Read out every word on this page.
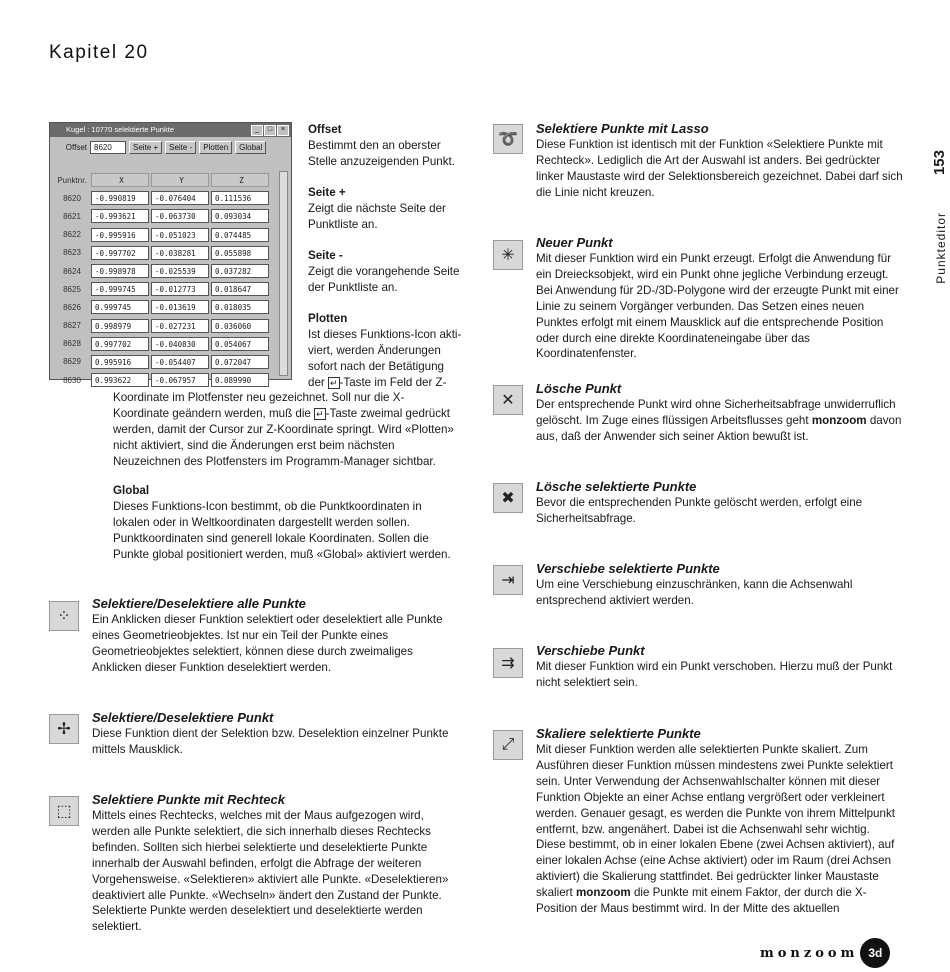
Kapitel 20
153
Punkteditor
Kugel : 10770 selektierte Punkte	_	□	×
Offset 8620	Seite +	Seite -	Plotten	Global
Punktnr.	X	Y	Z
8620	-0.990819	-0.076404	0.111536
8621	-0.993621	-0.063730	0.093034
8622	-0.995916	-0.051023	0.074485
8623	-0.997702	-0.038281	0.055898
8624	-0.998978	-0.025539	0.037282
8625	-0.999745	-0.012773	0.018647
8626	0.999745	-0.013619	0.018035
8627	0.998979	-0.027231	0.036060
8628	0.997702	-0.040830	0.054067
8629	0.995916	-0.054407	0.072047
8630	0.993622	-0.067957	0.089990
Offset
Bestimmt den an oberster Stelle anzuzeigenden Punkt.
Seite +
Zeigt die nächste Seite der Punktliste an.
Seite -
Zeigt die vorangehende Seite der Punktliste an.
Plotten
Ist dieses Funktions-Icon akti-
viert, werden Änderungen
sofort nach der Betätigung
der ↵ -Taste im Feld der Z-
Koordinate im Plotfenster neu gezeichnet. Soll nur die X-
Koordinate geändern werden, muß die ↵ -Taste zweimal gedrückt
werden, damit der Cursor zur Z-Koordinate springt. Wird «Plotten»
nicht aktiviert, sind die Änderungen erst beim nächsten
Neuzeichnen des Plotfensters im Programm-Manager sichtbar.
Global
Dieses Funktions-Icon bestimmt, ob die Punktkoordinaten in lokalen oder in Weltkoordinaten dargestellt werden sollen. Punktkoordinaten sind generell lokale Koordinaten. Sollen die Punkte global positioniert werden, muß «Global» aktiviert werden.
⁘
Selektiere/Deselektiere alle Punkte
Ein Anklicken dieser Funktion selektiert oder deselektiert alle Punkte eines Geometrieobjektes. Ist nur ein Teil der Punkte eines Geometrieobjektes selektiert, können diese durch zweimaliges Anklicken dieser Funktion deselektiert werden.
✢
Selektiere/Deselektiere Punkt
Diese Funktion dient der Selektion bzw. Deselektion einzelner Punkte mittels Mausklick.
⬚
Selektiere Punkte mit Rechteck
Mittels eines Rechtecks, welches mit der Maus aufgezogen wird, werden alle Punkte selektiert, die sich innerhalb dieses Rechtecks befinden. Sollten sich hierbei selektierte und deselektierte Punkte innerhalb der Auswahl befinden, erfolgt die Abfrage der weiteren Vorgehensweise. «Selektieren» aktiviert alle Punkte. «Deselektieren» deaktiviert alle Punkte. «Wechseln» ändert den Zustand der Punkte. Selektierte Punkte werden deselektiert und deselektierte werden selektiert.
➰
Selektiere Punkte mit Lasso
Diese Funktion ist identisch mit der Funktion «Selektiere Punkte mit Rechteck». Lediglich die Art der Auswahl ist anders. Bei gedrückter linker Maustaste wird der Selektionsbereich gezeichnet. Dabei darf sich die Linie nicht kreuzen.
✳
Neuer Punkt
Mit dieser Funktion wird ein Punkt erzeugt. Erfolgt die Anwendung für ein Dreiecksobjekt, wird ein Punkt ohne jegliche Verbindung erzeugt. Bei Anwendung für 2D-/3D-Polygone wird der erzeugte Punkt mit einer Linie zu seinem Vorgänger verbunden. Das Setzen eines neuen Punktes erfolgt mit einem Mausklick auf die entsprechende Position oder durch eine direkte Koordinateneingabe über das Koordinatenfenster.
✕
Lösche Punkt
Der entsprechende Punkt wird ohne Sicherheitsabfrage unwiderruflich gelöscht. Im Zuge eines flüssigen Arbeitsflusses geht monzoom davon aus, daß der Anwender sich seiner Aktion bewußt ist.
✖
Lösche selektierte Punkte
Bevor die entsprechenden Punkte gelöscht werden, erfolgt eine Sicherheitsabfrage.
⇥
Verschiebe selektierte Punkte
Um eine Verschiebung einzuschränken, kann die Achsenwahl entsprechend aktiviert werden.
⇉
Verschiebe Punkt
Mit dieser Funktion wird ein Punkt verschoben. Hierzu muß der Punkt nicht selektiert sein.
⤢
Skaliere selektierte Punkte
Mit dieser Funktion werden alle selektierten Punkte skaliert. Zum Ausführen dieser Funktion müssen mindestens zwei Punkte selektiert sein. Unter Verwendung der Achsenwahlschalter können mit dieser Funktion Objekte an einer Achse entlang vergrößert oder verkleinert werden. Genauer gesagt, es werden die Punkte von ihrem Mittelpunkt entfernt, bzw. angenähert. Dabei ist die Achsenwahl sehr wichtig. Diese bestimmt, ob in einer lokalen Ebene (zwei Achsen aktiviert), auf einer lokalen Achse (eine Achse aktiviert) oder im Raum (drei Achsen aktiviert) die Skalierung stattfindet. Bei gedrückter linker Maustaste skaliert monzoom die Punkte mit einem Faktor, der durch die X-Position der Maus bestimmt wird. In der Mitte des aktuellen
monzoom 3d
